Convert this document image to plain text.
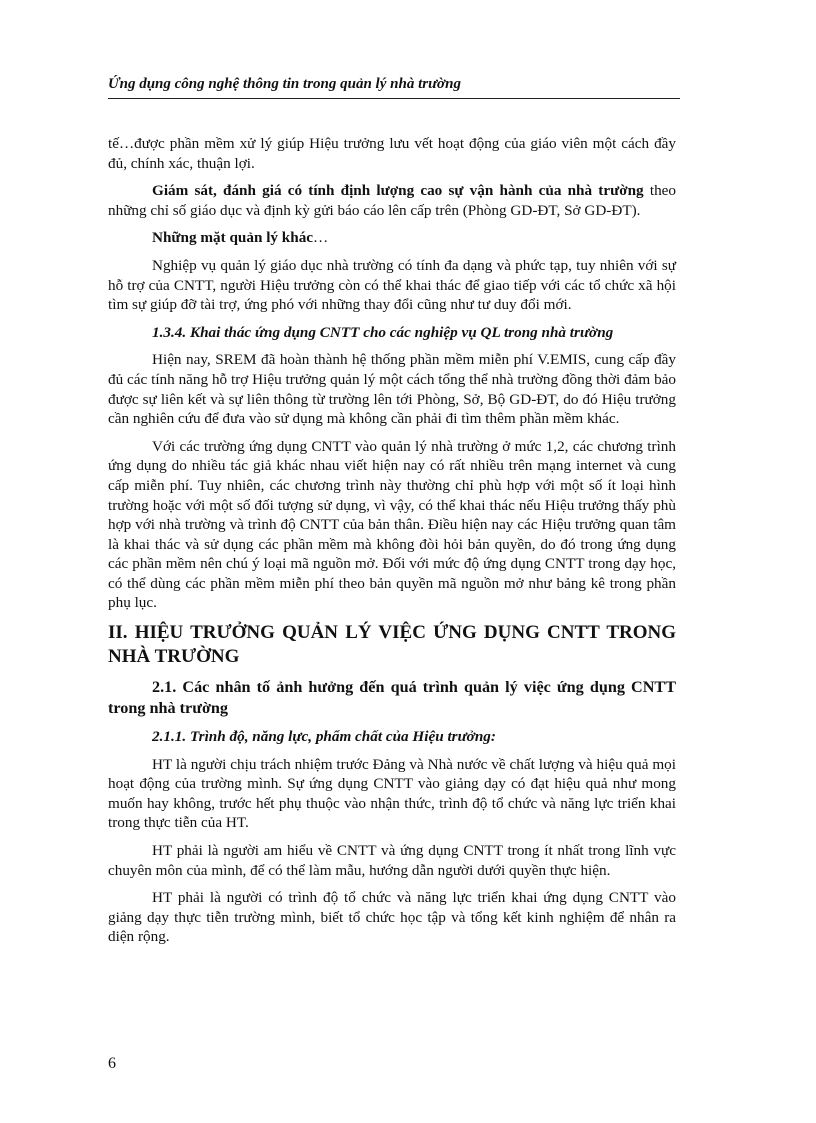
Ứng dụng công nghệ thông tin trong quản lý nhà trường

tế…được phần mềm xử lý giúp Hiệu trưởng lưu vết hoạt động của giáo viên một cách đầy đủ, chính xác, thuận lợi.

Giám sát, đánh giá có tính định lượng cao sự vận hành của nhà trường theo những chỉ số giáo dục và định kỳ gửi báo cáo lên cấp trên (Phòng GD-ĐT, Sở GD-ĐT).

Những mặt quản lý khác…

Nghiệp vụ quản lý giáo dục nhà trường có tính đa dạng và phức tạp, tuy nhiên với sự hỗ trợ của CNTT, người Hiệu trưởng còn có thể khai thác để giao tiếp với các tổ chức xã hội tìm sự giúp đỡ tài trợ, ứng phó với những thay đổi cũng như tư duy đổi mới.

1.3.4. Khai thác ứng dụng CNTT cho các nghiệp vụ QL trong nhà trường

Hiện nay, SREM đã hoàn thành hệ thống phần mềm miễn phí V.EMIS, cung cấp đầy đủ các tính năng hỗ trợ Hiệu trưởng quản lý một cách tổng thể nhà trường đồng thời đảm bảo được sự liên kết và sự liên thông từ trường lên tới Phòng, Sở, Bộ GD-ĐT, do đó Hiệu trưởng cần nghiên cứu để đưa vào sử dụng mà không cần phải đi tìm thêm phần mềm khác.

Với các trường ứng dụng CNTT vào quản lý nhà trường ở mức 1,2, các chương trình ứng dụng do nhiều tác giả khác nhau viết hiện nay có rất nhiều trên mạng internet và cung cấp miễn phí. Tuy nhiên, các chương trình này thường chỉ phù hợp với một số ít loại hình trường hoặc với một số đối tượng sử dụng, vì vậy, có thể khai thác nếu Hiệu trưởng thấy phù hợp với nhà trường và trình độ CNTT của bản thân. Điều hiện nay các Hiệu trưởng quan tâm là khai thác và sử dụng các phần mềm mà không đòi hỏi bản quyền, do đó trong ứng dụng các phần mềm nên chú ý loại mã nguồn mở. Đối với mức độ ứng dụng CNTT trong dạy học, có thể dùng các phần mềm miễn phí theo bản quyền mã nguồn mở như bảng kê trong phần phụ lục.

II. HIỆU TRƯỞNG QUẢN LÝ VIỆC ỨNG DỤNG CNTT TRONG NHÀ TRƯỜNG
2.1. Các nhân tố ảnh hưởng đến quá trình quản lý việc ứng dụng CNTT trong nhà trường

2.1.1. Trình độ, năng lực, phẩm chất của Hiệu trưởng:

HT là người chịu trách nhiệm trước Đảng và Nhà nước về chất lượng và hiệu quả mọi hoạt động của trường mình. Sự ứng dụng CNTT vào giảng dạy có đạt hiệu quả như mong muốn hay không, trước hết phụ thuộc vào nhận thức, trình độ tổ chức và năng lực triển khai trong thực tiễn của HT.

HT phải là người am hiểu về CNTT và ứng dụng CNTT trong ít nhất trong lĩnh vực chuyên môn của mình, để có thể làm mẫu, hướng dẫn người dưới quyền thực hiện.

HT phải là người có trình độ tổ chức và năng lực triển khai ứng dụng CNTT vào giảng dạy thực tiễn trường mình, biết tổ chức học tập và tổng kết kinh nghiệm để nhân ra diện rộng.

6
